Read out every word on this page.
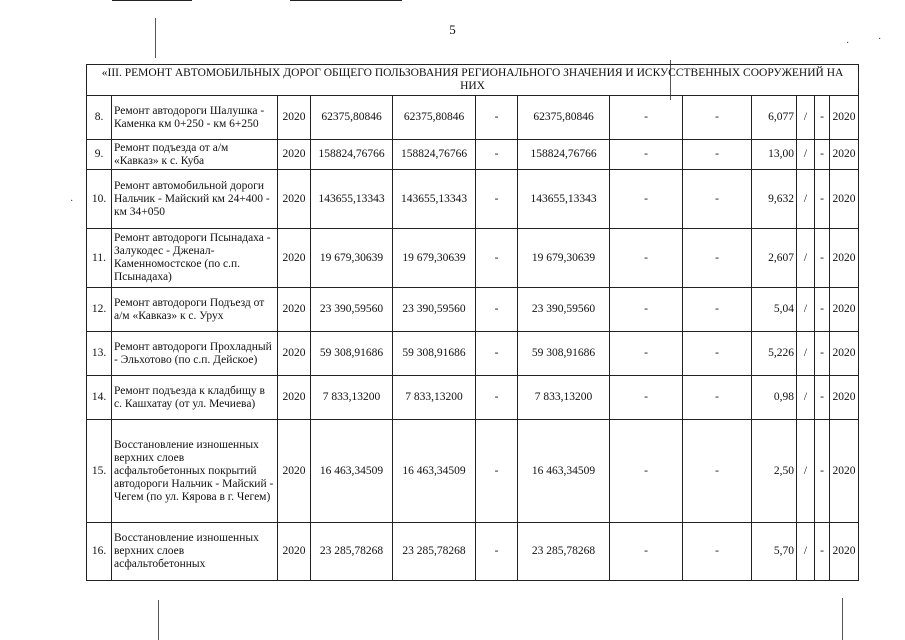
·	·
·
5
«III. РЕМОНТ АВТОМОБИЛЬНЫХ ДОРОГ ОБЩЕГО ПОЛЬЗОВАНИЯ РЕГИОНАЛЬНОГО ЗНАЧЕНИЯ И ИСКУССТВЕННЫХ СООРУЖЕНИЙ НА НИХ												
8.	Ремонт автодороги Шалушка - Каменка км 0+250 - км 6+250	2020	62375,80846	62375,80846	-	62375,80846	-	-	6,077	/	-	2020
9.	Ремонт подъезда от а/м «Кавказ» к с. Куба	2020	158824,76766	158824,76766	-	158824,76766	-	-	13,00	/	-	2020
10.	Ремонт автомобильной дороги Нальчик - Майский км 24+400 - км 34+050	2020	143655,13343	143655,13343	-	143655,13343	-	-	9,632	/	-	2020
11.	Ремонт автодороги Псынадаха - Залукодес - Дженал- Каменномостское (по с.п. Псынадаха)	2020	19 679,30639	19 679,30639	-	19 679,30639	-	-	2,607	/	-	2020
12.	Ремонт автодороги Подъезд от а/м «Кавказ» к с. Урух	2020	23 390,59560	23 390,59560	-	23 390,59560	-	-	5,04	/	-	2020
13.	Ремонт автодороги Прохладный - Эльхотово (по с.п. Дейское)	2020	59 308,91686	59 308,91686	-	59 308,91686	-	-	5,226	/	-	2020
14.	Ремонт подъезда к кладбищу в с. Кашхатау (от ул. Мечиева)	2020	7 833,13200	7 833,13200	-	7 833,13200	-	-	0,98	/	-	2020
15.	Восстановление изношенных верхних слоев асфальтобетонных покрытий автодороги Нальчик - Майский - Чегем (по ул. Кярова в г. Чегем)	2020	16 463,34509	16 463,34509	-	16 463,34509	-	-	2,50	/	-	2020
16.	Восстановление изношенных верхних слоев асфальтобетонных	2020	23 285,78268	23 285,78268	-	23 285,78268	-	-	5,70	/	-	2020
